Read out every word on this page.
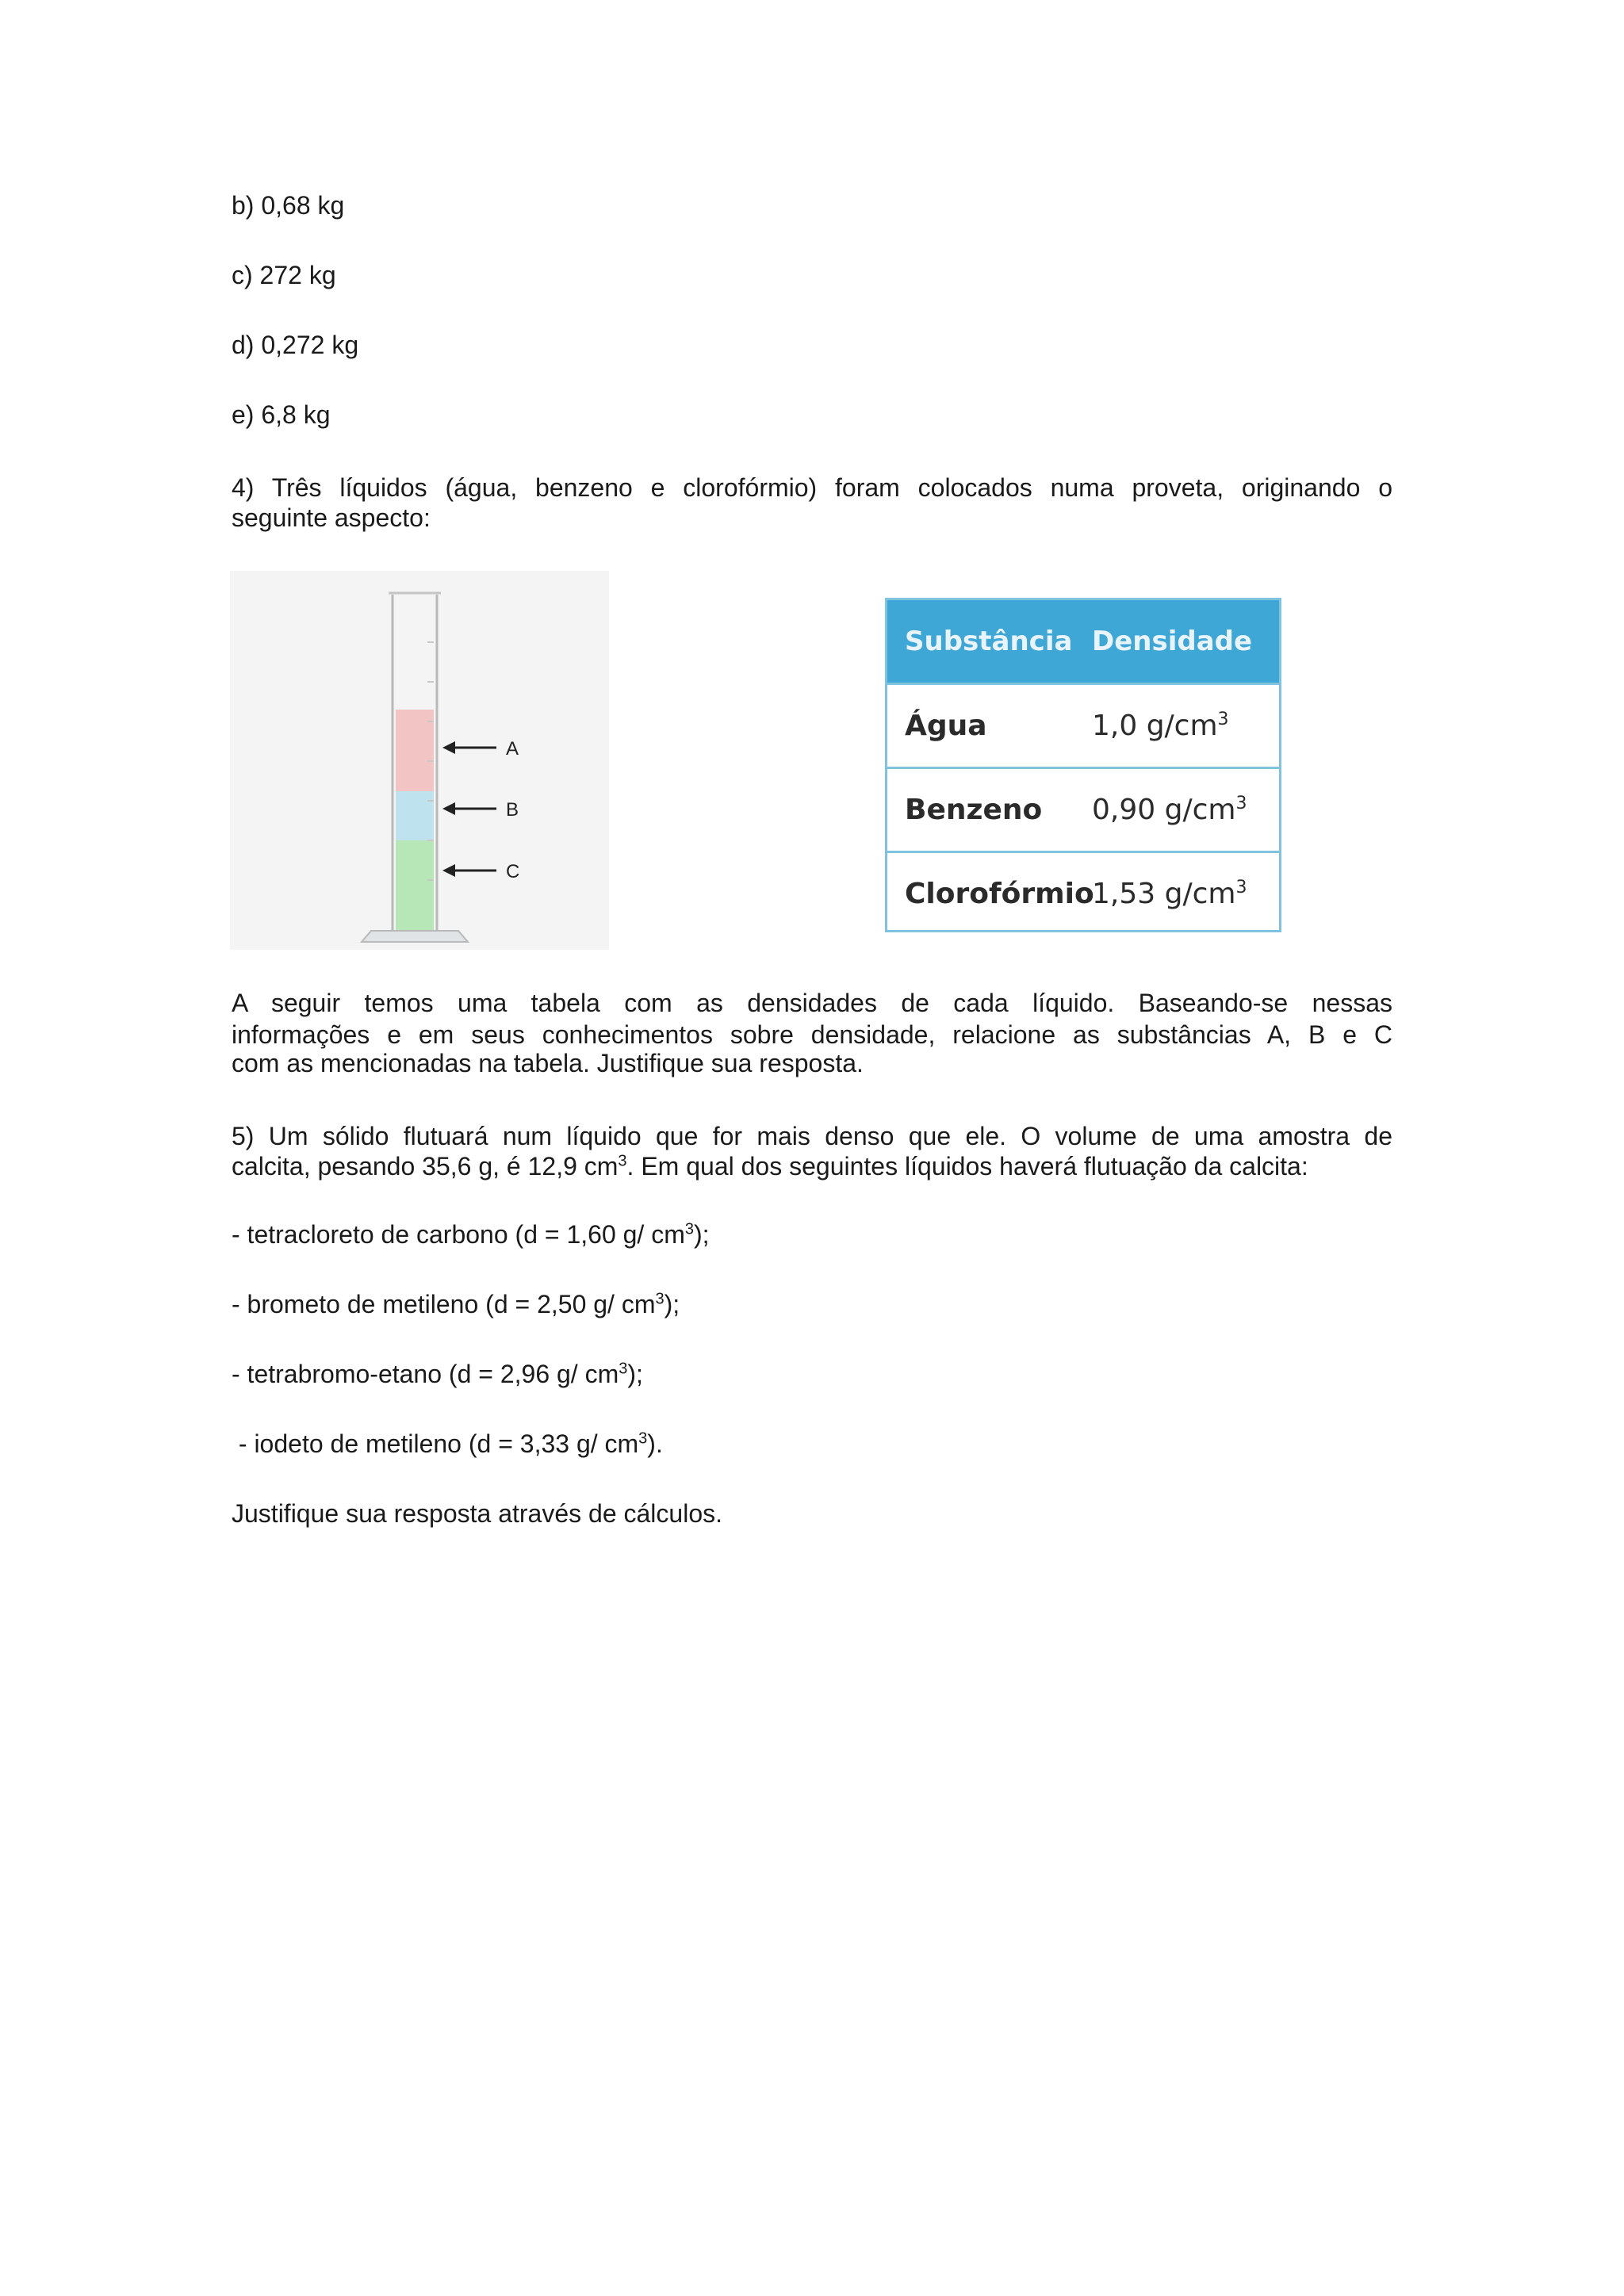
b) 0,68 kg

c) 272 kg

d) 0,272 kg

e) 6,8 kg

4) Três líquidos (água, benzeno e clorofórmio) foram colocados numa proveta, originando o

seguinte aspecto:

A
B
C
Substância Densidade
Água	1,0 $g/cm^3$
Benzeno	0,90 $g/cm^3$
Clorofórmio
1,53 $g/cm^3$

A seguir temos uma tabela com as densidades de cada líquido. Baseando-se nessas

informações e em seus conhecimentos sobre densidade, relacione as substâncias A, B e C

com as mencionadas na tabela. Justifique sua resposta.

5) Um sólido flutuará num líquido que for mais denso que ele. O volume de uma amostra de

calcita, pesando 35,6 g, é 12,9 $cm^3$. Em qual dos seguintes líquidos haverá flutuação da calcita:

- tetracloreto de carbono (d = 1,60 g/ $cm^3$);

- brometo de metileno (d = 2,50 g/ $cm^3$);

- tetrabromo-etano (d = 2,96 g/ $cm^3$);

- iodeto de metileno (d = 3,33 g/ $cm^3$).

Justifique sua resposta através de cálculos.
